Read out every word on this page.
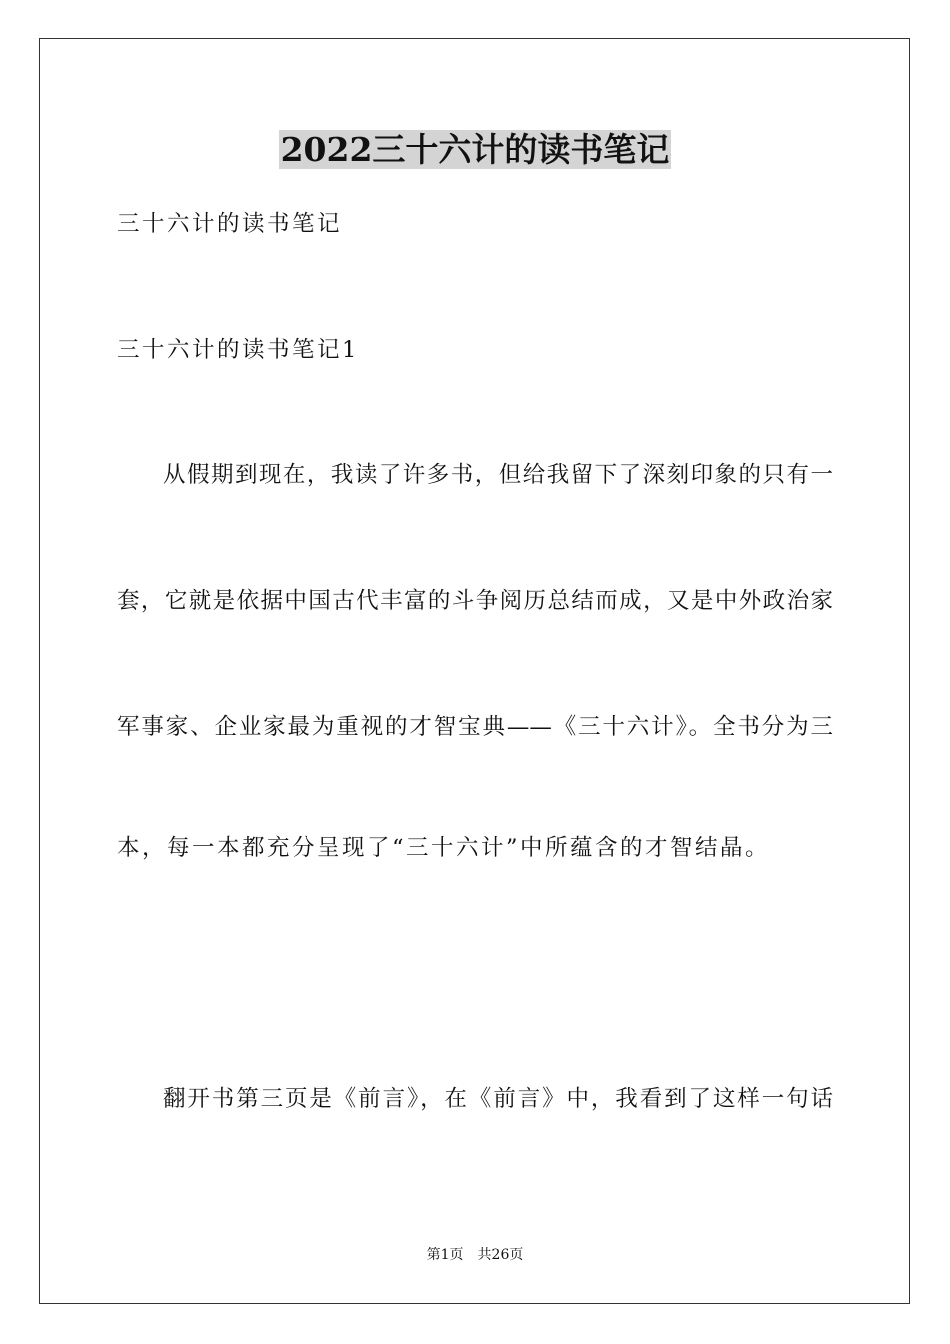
2022三十六计的读书笔记
三十六计的读书笔记
三十六计的读书笔记1
从假期到现在，我读了许多书，但给我留下了深刻印象的只有一
套，它就是依据中国古代丰富的斗争阅历总结而成，又是中外政治家
军事家、企业家最为重视的才智宝典——《三十六计》。全书分为三
本，每一本都充分呈现了“三十六计”中所蕴含的才智结晶。
翻开书第三页是《前言》，在《前言》中，我看到了这样一句话
第1页 共26页
